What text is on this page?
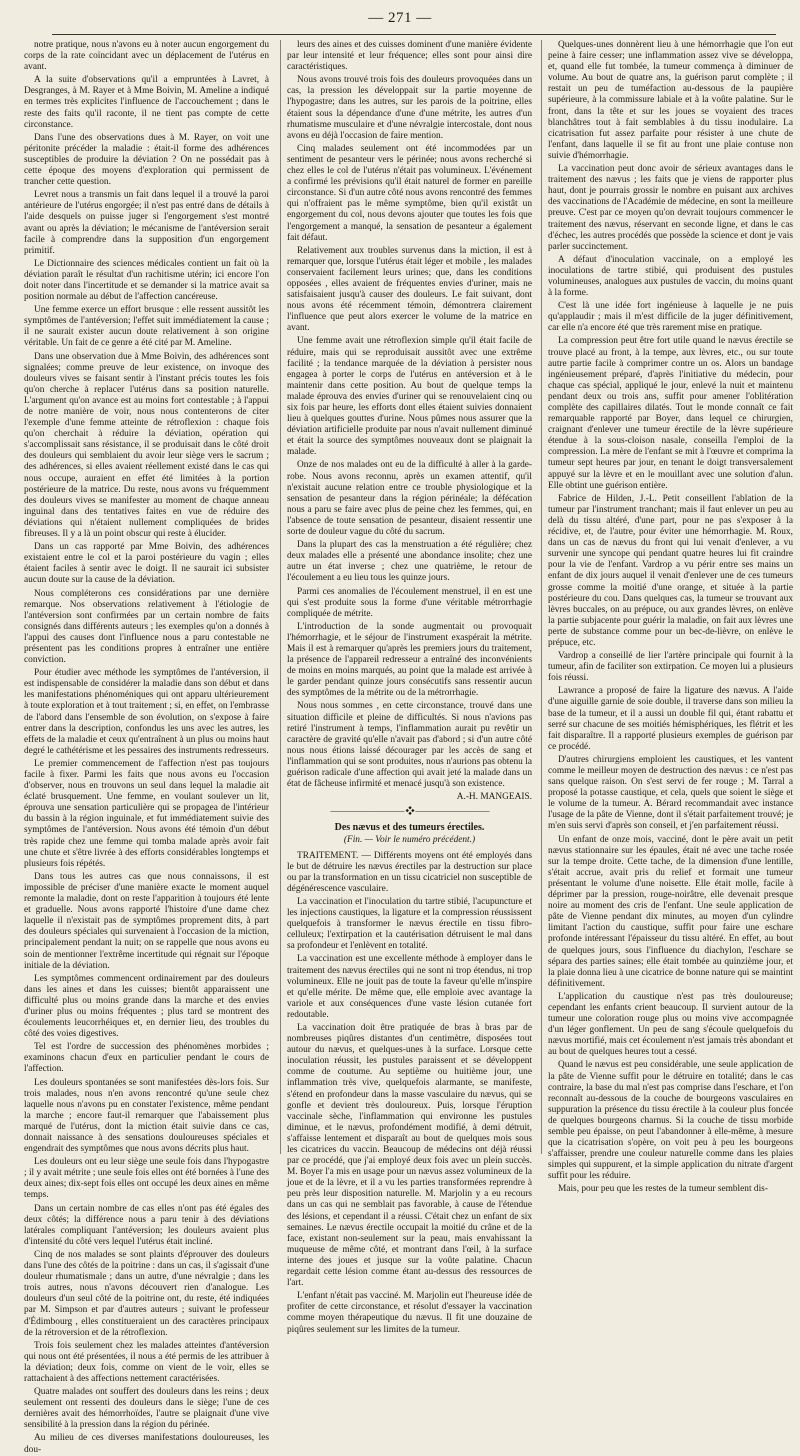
— 271 —

notre pratique, nous n'avons eu à noter aucun engorgement du corps de la rate coïncidant avec un déplacement de l'utérus en avant.

A la suite d'observations qu'il a empruntées à Lavret, à Desgranges, à M. Rayer et à Mme Boivin, M. Ameline a indiqué en termes très explicites l'influence de l'accouchement ; dans le reste des faits qu'il raconte, il ne tient pas compte de cette circonstance.

Dans l'une des observations dues à M. Rayer, on voit une péritonite précéder la maladie : était-il forme des adhérences susceptibles de produire la déviation ? On ne possédait pas à cette époque des moyens d'exploration qui permissent de trancher cette question.

Levret nous a transmis un fait dans lequel il a trouvé la paroi antérieure de l'utérus engorgée; il n'est pas entré dans de détails à l'aide desquels on puisse juger si l'engorgement s'est montré avant ou après la déviation; le mécanisme de l'antéversion serait facile à comprendre dans la supposition d'un engorgement primitif.

Le Dictionnaire des sciences médicales contient un fait où la déviation paraît le résultat d'un rachitisme utérin; ici encore l'on doit noter dans l'incertitude et se demander si la matrice avait sa position normale au début de l'affection cancéreuse.

Une femme exerce un effort brusque : elle ressent aussitôt les symptômes de l'antéversion; l'effet suit immédiatement la cause ; il ne saurait exister aucun doute relativement à son origine véritable. Un fait de ce genre a été cité par M. Ameline.

Dans une observation due à Mme Boivin, des adhérences sont signalées; comme preuve de leur existence, on invoque des douleurs vives se faisant sentir à l'instant précis toutes les fois qu'on cherche à replacer l'utérus dans sa position naturelle. L'argument qu'on avance est au moins fort contestable ; à l'appui de notre manière de voir, nous nous contenterons de citer l'exemple d'une femme atteinte de rétroflexion : chaque fois qu'on cherchait à réduire la déviation, opération qui s'accomplissait sans résistance, il se produisait dans le côté droit des douleurs qui semblaient du avoir leur siège vers le sacrum ; des adhérences, si elles avaient réellement existé dans le cas qui nous occupe, auraient en effet été limitées à la portion postérieure de la matrice. Du reste, nous avons vu fréquemment des douleurs vives se manifester au moment de chaque anneau inguinal dans des tentatives faites en vue de réduire des déviations qui n'étaient nullement compliquées de brides fibreuses. Il y a là un point obscur qui reste à élucider.

Dans un cas rapporté par Mme Boivin, des adhérences existaient entre le col et la paroi postérieure du vagin ; elles étaient faciles à sentir avec le doigt. Il ne saurait ici subsister aucun doute sur la cause de la déviation.

Nous compléterons ces considérations par une dernière remarque. Nos observations relativement à l'étiologie de l'antéversion sont confirmées par un certain nombre de faits consignés dans différents auteurs ; les exemples qu'on a donnés à l'appui des causes dont l'influence nous a paru contestable ne présentent pas les conditions propres à entraîner une entière conviction.

Pour étudier avec méthode les symptômes de l'antéversion, il est indispensable de considérer la maladie dans son début et dans les manifestations phénoméniques qui ont apparu ultérieurement à toute exploration et à tout traitement ; si, en effet, on l'embrasse de l'abord dans l'ensemble de son évolution, on s'expose à faire entrer dans la description, confondus les uns avec les autres, les effets de la maladie et ceux qu'entraînent à un plus ou moins haut degré le cathétérisme et les pessaires des instruments redresseurs.

Le premier commencement de l'affection n'est pas toujours facile à fixer. Parmi les faits que nous avons eu l'occasion d'observer, nous en trouvons un seul dans lequel la maladie ait éclaté brusquement. Une femme, en voulant soulever un lit, éprouva une sensation particulière qui se propagea de l'intérieur du bassin à la région inguinale, et fut immédiatement suivie des symptômes de l'antéversion. Nous avons été témoin d'un début très rapide chez une femme qui tomba malade après avoir fait une chute et s'être livrée à des efforts considérables longtemps et plusieurs fois répétés.

Dans tous les autres cas que nous connaissons, il est impossible de préciser d'une manière exacte le moment auquel remonte la maladie, dont on reste l'apparition à toujours été lente et graduelle. Nous avons rapporté l'histoire d'une dame chez laquelle il n'existait pas de symptômes proprement dits, à part des douleurs spéciales qui survenaient à l'occasion de la miction, principalement pendant la nuit; on se rappelle que nous avons eu soin de mentionner l'extrême incertitude qui régnait sur l'époque initiale de la déviation.

Les symptômes commencent ordinairement par des douleurs dans les aines et dans les cuisses; bientôt apparaissent une difficulté plus ou moins grande dans la marche et des envies d'uriner plus ou moins fréquentes ; plus tard se montrent des écoulements leucorrhéiques et, en dernier lieu, des troubles du côté des voies digestives.

Tel est l'ordre de succession des phénomènes morbides ; examinons chacun d'eux en particulier pendant le cours de l'affection.

Les douleurs spontanées se sont manifestées dès-lors fois. Sur trois malades, nous n'en avons rencontré qu'une seule chez laquelle nous n'avons pu en constater l'existence, même pendant la marche ; encore faut-il remarquer que l'abaissement plus marqué de l'utérus, dont la miction était suivie dans ce cas, donnait naissance à des sensations douloureuses spéciales et engendrait des symptômes que nous avons décrits plus haut.

Les douleurs ont eu leur siège une seule fois dans l'hypogastre ; il y avait métrite ; une seule fois elles ont été bornées à l'une des deux aines; dix-sept fois elles ont occupé les deux aines en même temps.

Dans un certain nombre de cas elles n'ont pas été égales des deux côtés; la différence nous a paru tenir à des déviations latérales compliquant l'antéversion; les douleurs avaient plus d'intensité du côté vers lequel l'utérus était incliné.

Cinq de nos malades se sont plaints d'éprouver des douleurs dans l'une des côtés de la poitrine : dans un cas, il s'agissait d'une douleur rhumatismale ; dans un autre, d'une névralgie ; dans les trois autres, nous n'avons découvert rien d'analogue. Les douleurs d'un seul côté de la poitrine ont, du reste, été indiquées par M. Simpson et par d'autres auteurs ; suivant le professeur d'Édimbourg , elles constitueraient un des caractères principaux de la rétroversion et de la rétroflexion.

Trois fois seulement chez les malades atteintes d'antéversion qui nous ont été présentées, il nous a été permis de les attribuer à la déviation; deux fois, comme on vient de le voir, elles se rattachaient à des affections nettement caractérisées.

Quatre malades ont souffert des douleurs dans les reins ; deux seulement ont ressenti des douleurs dans le siège; l'une de ces dernières avait des hémorrhoïdes, l'autre se plaignait d'une vive sensibilité à la pression dans la région du périnée.

Au milieu de ces diverses manifestations douloureuses, les dou-

leurs des aines et des cuisses dominent d'une manière évidente par leur intensité et leur fréquence; elles sont pour ainsi dire caractéristiques.

Nous avons trouvé trois fois des douleurs provoquées dans un cas, la pression les développait sur la partie moyenne de l'hypogastre; dans les autres, sur les parois de la poitrine, elles étaient sous la dépendance d'une d'une métrite, les autres d'un rhumatisme musculaire et d'une névralgie intercostale, dont nous avons eu déjà l'occasion de faire mention.

Cinq malades seulement ont été incommodées par un sentiment de pesanteur vers le périnée; nous avons recherché si chez elles le col de l'utérus n'était pas volumineux. L'événement a confirmé les prévisions qu'il était naturel de former en pareille circonstance. Si d'un autre côté nous avons rencontré des femmes qui n'offraient pas le même symptôme, bien qu'il existât un engorgement du col, nous devons ajouter que toutes les fois que l'engorgement a manqué, la sensation de pesanteur a également fait défaut.

Relativement aux troubles survenus dans la miction, il est à remarquer que, lorsque l'utérus était léger et mobile , les malades conservaient facilement leurs urines; que, dans les conditions opposées , elles avaient de fréquentes envies d'uriner, mais ne satisfaisaient jusqu'à causer des douleurs. Le fait suivant, dont nous avons été récemment témoin, démontrera clairement l'influence que peut alors exercer le volume de la matrice en avant.

Une femme avait une rétroflexion simple qu'il était facile de réduire, mais qui se reproduisait aussitôt avec une extrême facilité ; la tendance marquée de la déviation à persister nous engagea à porter le corps de l'utérus en antéversion et à le maintenir dans cette position. Au bout de quelque temps la malade éprouva des envies d'uriner qui se renouvelaient cinq ou six fois par heure, les efforts dont elles étaient suivies donnaient lieu à quelques gouttes d'urine. Nous pûmes nous assurer que la déviation artificielle produite par nous n'avait nullement diminué et était la source des symptômes nouveaux dont se plaignait la malade.

Onze de nos malades ont eu de la difficulté à aller à la garde-robe. Nous avons reconnu, après un examen attentif, qu'il n'existait aucune relation entre ce trouble physiologique et la sensation de pesanteur dans la région périnéale; la défécation nous a paru se faire avec plus de peine chez les femmes, qui, en l'absence de toute sensation de pesanteur, disaient ressentir une sorte de douleur vague du côté du sacrum.

Dans la plupart des cas la menstruation a été régulière; chez deux malades elle a présenté une abondance insolite; chez une autre un état inverse ; chez une quatrième, le retour de l'écoulement a eu lieu tous les quinze jours.

Parmi ces anomalies de l'écoulement menstruel, il en est une qui s'est produite sous la forme d'une véritable métrorrhagie compliquée de métrite.

L'introduction de la sonde augmentait ou provoquait l'hémorrhagie, et le séjour de l'instrument exaspérait la métrite. Mais il est à remarquer qu'après les premiers jours du traitement, la présence de l'appareil redresseur a entraîné des inconvénients de moins en moins marqués, au point que la malade est arrivée à le garder pendant quinze jours consécutifs sans ressentir aucun des symptômes de la métrite ou de la métrorrhagie.

Nous nous sommes , en cette circonstance, trouvé dans une situation difficile et pleine de difficultés. Si nous n'avions pas retiré l'instrument à temps, l'inflammation aurait pu revêtir un caractère de gravité qu'elle n'avait pas d'abord ; si d'un autre côté nous nous étions laissé décourager par les accès de sang et l'inflammation qui se sont produites, nous n'aurions pas obtenu la guérison radicale d'une affection qui avait jeté la malade dans un état de fâcheuse infirmité et menacé jusqu'à son existence.

A.-H. MANGEAIS.

⸺⸺⸺⸺⸺ ❖ ⸺⸺⸺⸺⸺

Des nævus et des tumeurs érectiles.

(Fin. — Voir le numéro précédent.)

TRAITEMENT. — Différents moyens ont été employés dans le but de détruire les nævus érectiles par la destruction sur place ou par la transformation en un tissu cicatriciel non susceptible de dégénérescence vasculaire.

La vaccination et l'inoculation du tartre stibié, l'acupuncture et les injections caustiques, la ligature et la compression réussissent quelquefois à transformer le nævus érectile en tissu fibro-celluleux; l'extirpation et la cautérisation détruisent le mal dans sa profondeur et l'enlèvent en totalité.

La vaccination est une excellente méthode à employer dans le traitement des nævus érectiles qui ne sont ni trop étendus, ni trop volumineux. Elle ne jouit pas de toute la faveur qu'elle m'inspire et qu'elle mérite. De même que, elle emploie avec avantage la variole et aux conséquences d'une vaste lésion cutanée fort redoutable.

La vaccination doit être pratiquée de bras à bras par de nombreuses piqûres distantes d'un centimètre, disposées tout autour du nævus, et quelques-unes à la surface. Lorsque cette inoculation réussit, les pustules paraissent et se développent comme de coutume. Au septième ou huitième jour, une inflammation très vive, quelquefois alarmante, se manifeste, s'étend en profondeur dans la masse vasculaire du nævus, qui se gonfle et devient très douloureux. Puis, lorsque l'éruption vaccinale sèche, l'inflammation qui environne les pustules diminue, et le nævus, profondément modifié, à demi détruit, s'affaisse lentement et disparaît au bout de quelques mois sous les cicatrices du vaccin. Beaucoup de médecins ont déjà réussi par ce procédé, que j'ai employé deux fois avec un plein succès. M. Boyer l'a mis en usage pour un nævus assez volumineux de la joue et de la lèvre, et il a vu les parties transformées reprendre à peu près leur disposition naturelle. M. Marjolin y a eu recours dans un cas qui ne semblait pas favorable, à cause de l'étendue des lésions, et cependant il a réussi. C'était chez un enfant de six semaines. Le nævus érectile occupait la moitié du crâne et de la face, existant non-seulement sur la peau, mais envahissant la muqueuse de même côté, et montrant dans l'œil, à la surface interne des joues et jusque sur la voûte palatine. Chacun regardait cette lésion comme étant au-dessus des ressources de l'art.

L'enfant n'était pas vacciné. M. Marjolin eut l'heureuse idée de profiter de cette circonstance, et résolut d'essayer la vaccination comme moyen thérapeutique du nævus. Il fit une douzaine de piqûres seulement sur les limites de la tumeur.

Quelques-unes donnèrent lieu à une hémorrhagie que l'on eut peine à faire cesser; une inflammation assez vive se développa, et, quand elle fut tombée, la tumeur commença à diminuer de volume. Au bout de quatre ans, la guérison parut complète ; il restait un peu de tuméfaction au-dessous de la paupière supérieure, à la commissure labiale et à la voûte palatine. Sur le front, dans la tête et sur les joues se voyaient des traces blanchâtres tout à fait semblables à du tissu inodulaire. La cicatrisation fut assez parfaite pour résister à une chute de l'enfant, dans laquelle il se fit au front une plaie contuse non suivie d'hémorrhagie.

La vaccination peut donc avoir de sérieux avantages dans le traitement des nævus ; les faits que je viens de rapporter plus haut, dont je pourrais grossir le nombre en puisant aux archives des vaccinations de l'Académie de médecine, en sont la meilleure preuve. C'est par ce moyen qu'on devrait toujours commencer le traitement des nævus, réservant en seconde ligne, et dans le cas d'échec, les autres procédés que possède la science et dont je vais parler succinctement.

A défaut d'inoculation vaccinale, on a employé les inoculations de tartre stibié, qui produisent des pustules volumineuses, analogues aux pustules de vaccin, du moins quant à la forme.

C'est là une idée fort ingénieuse à laquelle je ne puis qu'applaudir ; mais il m'est difficile de la juger définitivement, car elle n'a encore été que très rarement mise en pratique.

La compression peut être fort utile quand le nævus érectile se trouve placé au front, à la tempe, aux lèvres, etc., ou sur toute autre partie facile à comprimer contre un os. Alors un bandage ingénieusement préparé, d'après l'initiative du médecin, pour chaque cas spécial, appliqué le jour, enlevé la nuit et maintenu pendant deux ou trois ans, suffit pour amener l'oblitération complète des capillaires dilatés. Tout le monde connaît ce fait remarquable rapporté par Boyer, dans lequel ce chirurgien, craignant d'enlever une tumeur érectile de la lèvre supérieure étendue à la sous-cloison nasale, conseilla l'emploi de la compression. La mère de l'enfant se mit à l'œuvre et comprima la tumeur sept heures par jour, en tenant le doigt transversalement appuyé sur la lèvre et en le mouillant avec une solution d'alun. Elle obtint une guérison entière.

Fabrice de Hilden, J.-L. Petit conseillent l'ablation de la tumeur par l'instrument tranchant; mais il faut enlever un peu au delà du tissu altéré, d'une part, pour ne pas s'exposer à la récidive, et, de l'autre, pour éviter une hémorrhagie. M. Roux, dans un cas de nævus du front qui lui venait d'enlever, a vu survenir une syncope qui pendant quatre heures lui fit craindre pour la vie de l'enfant. Vardrop a vu périr entre ses mains un enfant de dix jours auquel il venait d'enlever une de ces tumeurs grosse comme la moitié d'une orange, et située à la partie postérieure du cou. Dans quelques cas, la tumeur se trouvant aux lèvres buccales, on au prépuce, ou aux grandes lèvres, on enlève la partie subjacente pour guérir la maladie, on fait aux lèvres une perte de substance comme pour un bec-de-lièvre, on enlève le prépuce, etc.

Vardrop a conseillé de lier l'artère principale qui fournit à la tumeur, afin de faciliter son extirpation. Ce moyen lui a plusieurs fois réussi.

Lawrance a proposé de faire la ligature des nævus. A l'aide d'une aiguille garnie de soie double, il traverse dans son milieu la base de la tumeur, et il a aussi un double fil qui, étant rabattu et serré sur chacune de ses moitiés hémisphériques, les flétrit et les fait disparaître. Il a rapporté plusieurs exemples de guérison par ce procédé.

D'autres chirurgiens emploient les caustiques, et les vantent comme le meilleur moyen de destruction des nævus : ce n'est pas sans quelque raison. On s'est servi de fer rouge ; M. Tarral a proposé la potasse caustique, et cela, quels que soient le siège et le volume de la tumeur. A. Bérard recommandait avec instance l'usage de la pâte de Vienne, dont il s'était parfaitement trouvé; je m'en suis servi d'après son conseil, et j'en parfaitement réussi.

Un enfant de onze mois, vacciné, dont le père avait un petit nævus stationnaire sur les épaules, était né avec une tache rosée sur la tempe droite. Cette tache, de la dimension d'une lentille, s'était accrue, avait pris du relief et formait une tumeur présentant le volume d'une noisette. Elle était molle, facile à déprimer par la pression, rouge-noirâtre, elle devenait presque noire au moment des cris de l'enfant. Une seule application de pâte de Vienne pendant dix minutes, au moyen d'un cylindre limitant l'action du caustique, suffit pour faire une eschare profonde intéressant l'épaisseur du tissu altéré. En effet, au bout de quelques jours, sous l'influence du diachylon, l'eschare se sépara des parties saines; elle était tombée au quinzième jour, et la plaie donna lieu à une cicatrice de bonne nature qui se maintint définitivement.

L'application du caustique n'est pas très douloureuse; cependant les enfants crient beaucoup. Il survient autour de la tumeur une coloration rouge plus ou moins vive accompagnée d'un léger gonflement. Un peu de sang s'écoule quelquefois du nævus mortifié, mais cet écoulement n'est jamais très abondant et au bout de quelques heures tout a cessé.

Quand le nævus est peu considérable, une seule application de la pâte de Vienne suffit pour le détruire en totalité; dans le cas contraire, la base du mal n'est pas comprise dans l'eschare, et l'on reconnaît au-dessous de la couche de bourgeons vasculaires en suppuration la présence du tissu érectile à la couleur plus foncée de quelques bourgeons charnus. Si la couche de tissu morbide semble peu épaisse, on peut l'abandonner à elle-même, à mesure que la cicatrisation s'opère, on voit peu à peu les bourgeons s'affaisser, prendre une couleur naturelle comme dans les plaies simples qui suppurent, et la simple application du nitrate d'argent suffit pour les réduire.

Mais, pour peu que les restes de la tumeur semblent dis-
